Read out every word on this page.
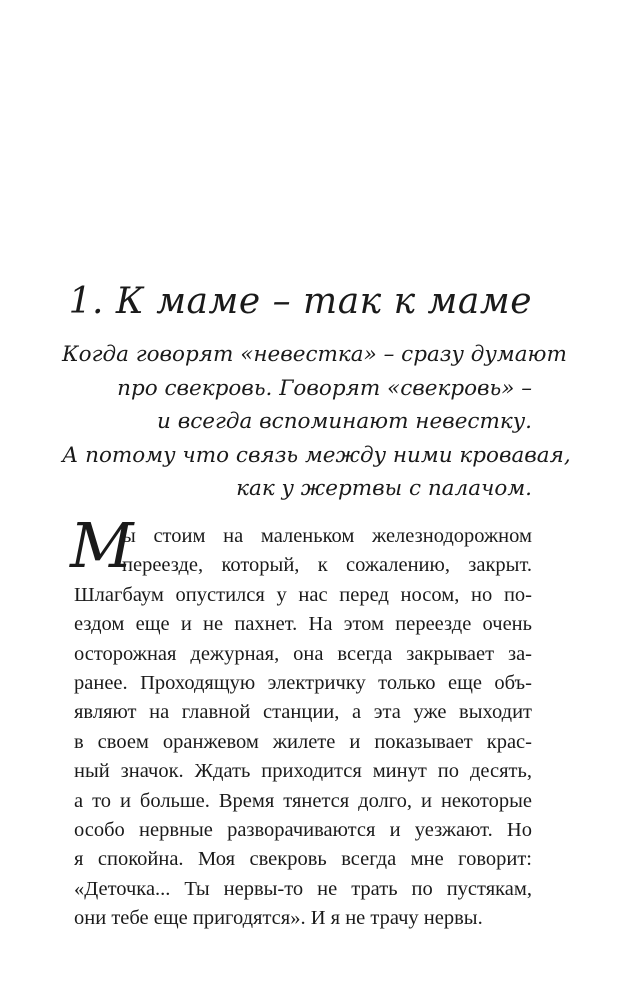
1. К маме – так к маме
Когда говорят «невестка» – сразу думают
про свекровь. Говорят «свекровь» –
и всегда вспоминают невестку.
А потому что связь между ними кровавая,
как у жертвы с палачом.
М
ы стоим на маленьком железнодорожном
переезде, который, к сожалению, закрыт.
Шлагбаум опустился у нас перед носом, но по-
ездом еще и не пахнет. На этом переезде очень
осторожная дежурная, она всегда закрывает за-
ранее. Проходящую электричку только еще объ-
являют на главной станции, а эта уже выходит
в своем оранжевом жилете и показывает крас-
ный значок. Ждать приходится минут по десять,
а то и больше. Время тянется долго, и некоторые
особо нервные разворачиваются и уезжают. Но
я спокойна. Моя свекровь всегда мне говорит:
«Деточка... Ты нервы-то не трать по пустякам,
они тебе еще пригодятся». И я не трачу нервы.
